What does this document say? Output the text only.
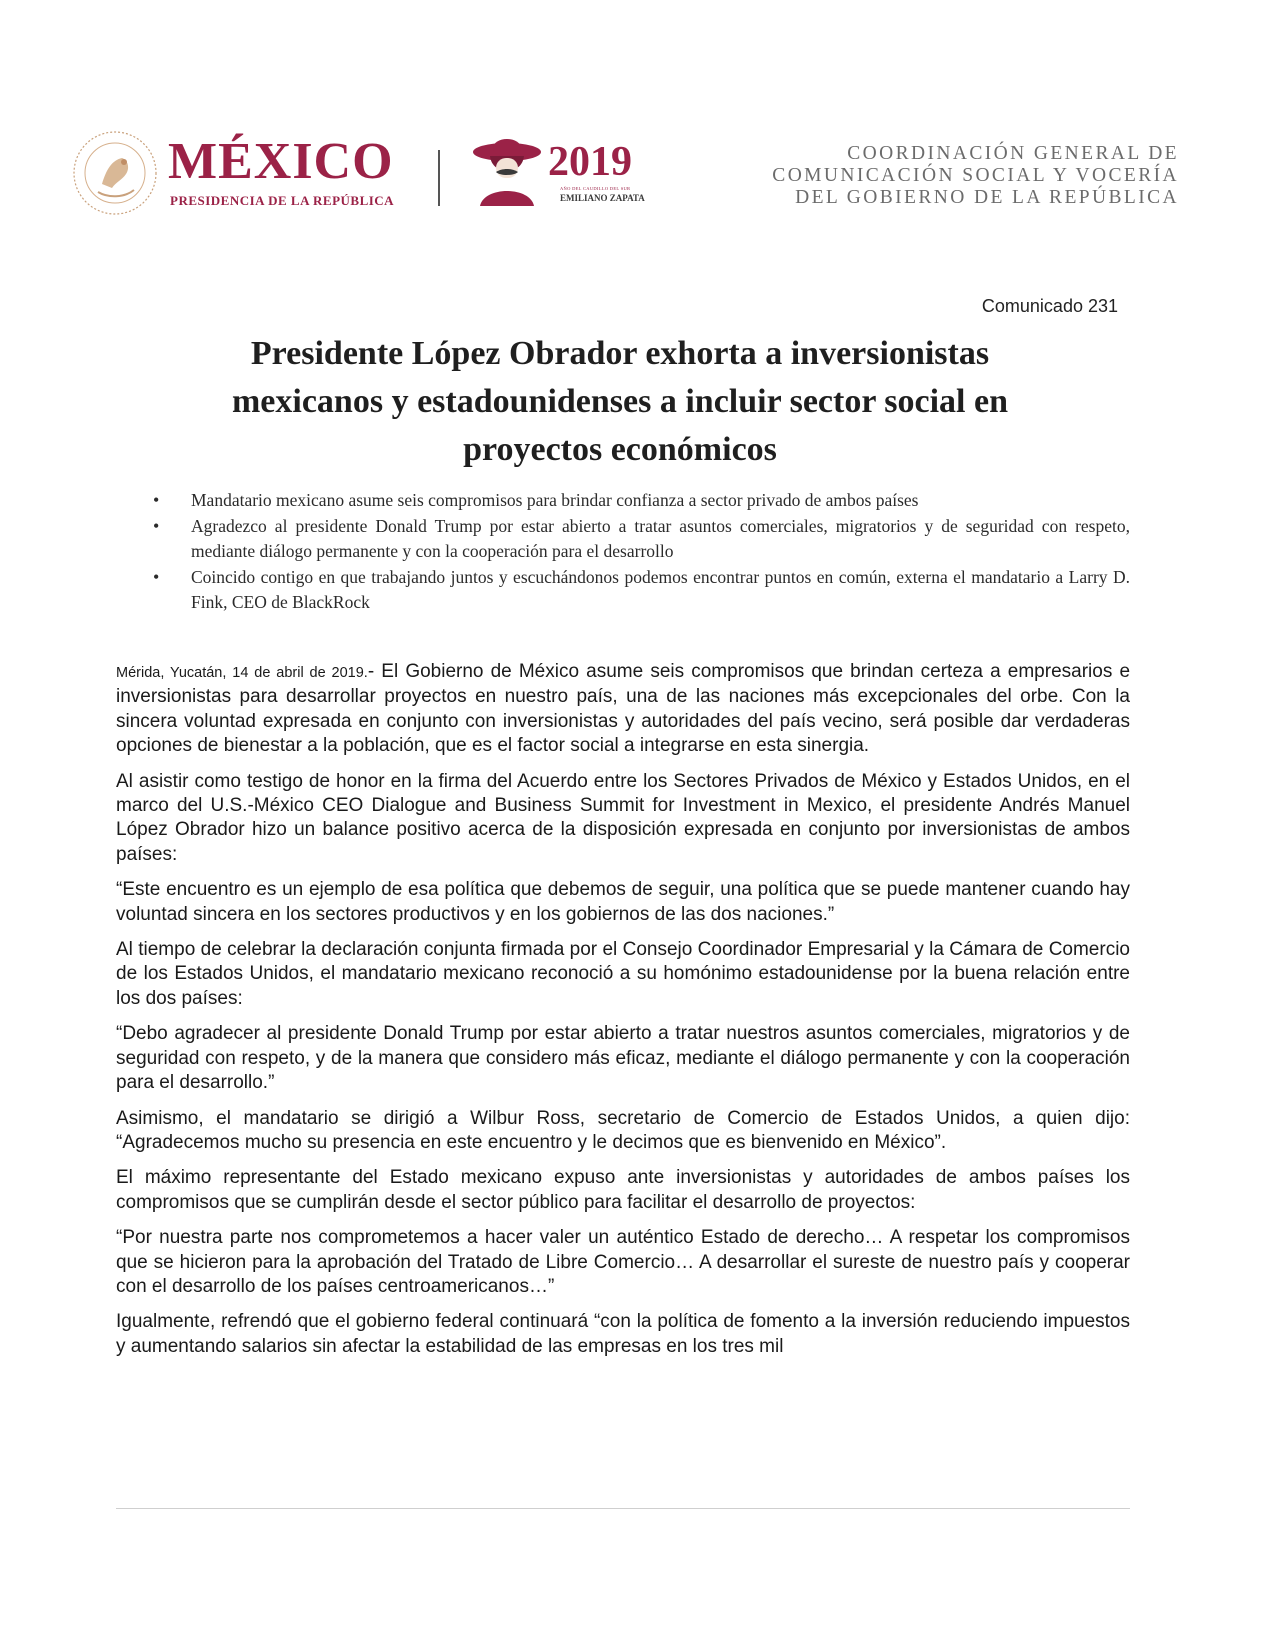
MÉXICO
PRESIDENCIA DE LA REPÚBLICA
2019
AÑO DEL CAUDILLO DEL SUR
EMILIANO ZAPATA
COORDINACIÓN GENERAL DE
COMUNICACIÓN SOCIAL Y VOCERÍA
DEL GOBIERNO DE LA REPÚBLICA
Comunicado 231
Presidente López Obrador exhorta a inversionistas
mexicanos y estadounidenses a incluir sector social en
proyectos económicos
• Mandatario mexicano asume seis compromisos para brindar confianza a sector privado de ambos países
• Agradezco al presidente Donald Trump por estar abierto a tratar asuntos comerciales, migratorios y de seguridad con respeto, mediante diálogo permanente y con la cooperación para el desarrollo
• Coincido contigo en que trabajando juntos y escuchándonos podemos encontrar puntos en común, externa el mandatario a Larry D. Fink, CEO de BlackRock

Mérida, Yucatán, 14 de abril de 2019.- El Gobierno de México asume seis compromisos que brindan certeza a empresarios e inversionistas para desarrollar proyectos en nuestro país, una de las naciones más excepcionales del orbe. Con la sincera voluntad expresada en conjunto con inversionistas y autoridades del país vecino, será posible dar verdaderas opciones de bienestar a la población, que es el factor social a integrarse en esta sinergia.

Al asistir como testigo de honor en la firma del Acuerdo entre los Sectores Privados de México y Estados Unidos, en el marco del U.S.-México CEO Dialogue and Business Summit for Investment in Mexico, el presidente Andrés Manuel López Obrador hizo un balance positivo acerca de la disposición expresada en conjunto por inversionistas de ambos países:

“Este encuentro es un ejemplo de esa política que debemos de seguir, una política que se puede mantener cuando hay voluntad sincera en los sectores productivos y en los gobiernos de las dos naciones.”

Al tiempo de celebrar la declaración conjunta firmada por el Consejo Coordinador Empresarial y la Cámara de Comercio de los Estados Unidos, el mandatario mexicano reconoció a su homónimo estadounidense por la buena relación entre los dos países:

“Debo agradecer al presidente Donald Trump por estar abierto a tratar nuestros asuntos comerciales, migratorios y de seguridad con respeto, y de la manera que considero más eficaz, mediante el diálogo permanente y con la cooperación para el desarrollo.”

Asimismo, el mandatario se dirigió a Wilbur Ross, secretario de Comercio de Estados Unidos, a quien dijo: “Agradecemos mucho su presencia en este encuentro y le decimos que es bienvenido en México”.

El máximo representante del Estado mexicano expuso ante inversionistas y autoridades de ambos países los compromisos que se cumplirán desde el sector público para facilitar el desarrollo de proyectos:

“Por nuestra parte nos comprometemos a hacer valer un auténtico Estado de derecho… A respetar los compromisos que se hicieron para la aprobación del Tratado de Libre Comercio… A desarrollar el sureste de nuestro país y cooperar con el desarrollo de los países centroamericanos…”

Igualmente, refrendó que el gobierno federal continuará “con la política de fomento a la inversión reduciendo impuestos y aumentando salarios sin afectar la estabilidad de las empresas en los tres mil
